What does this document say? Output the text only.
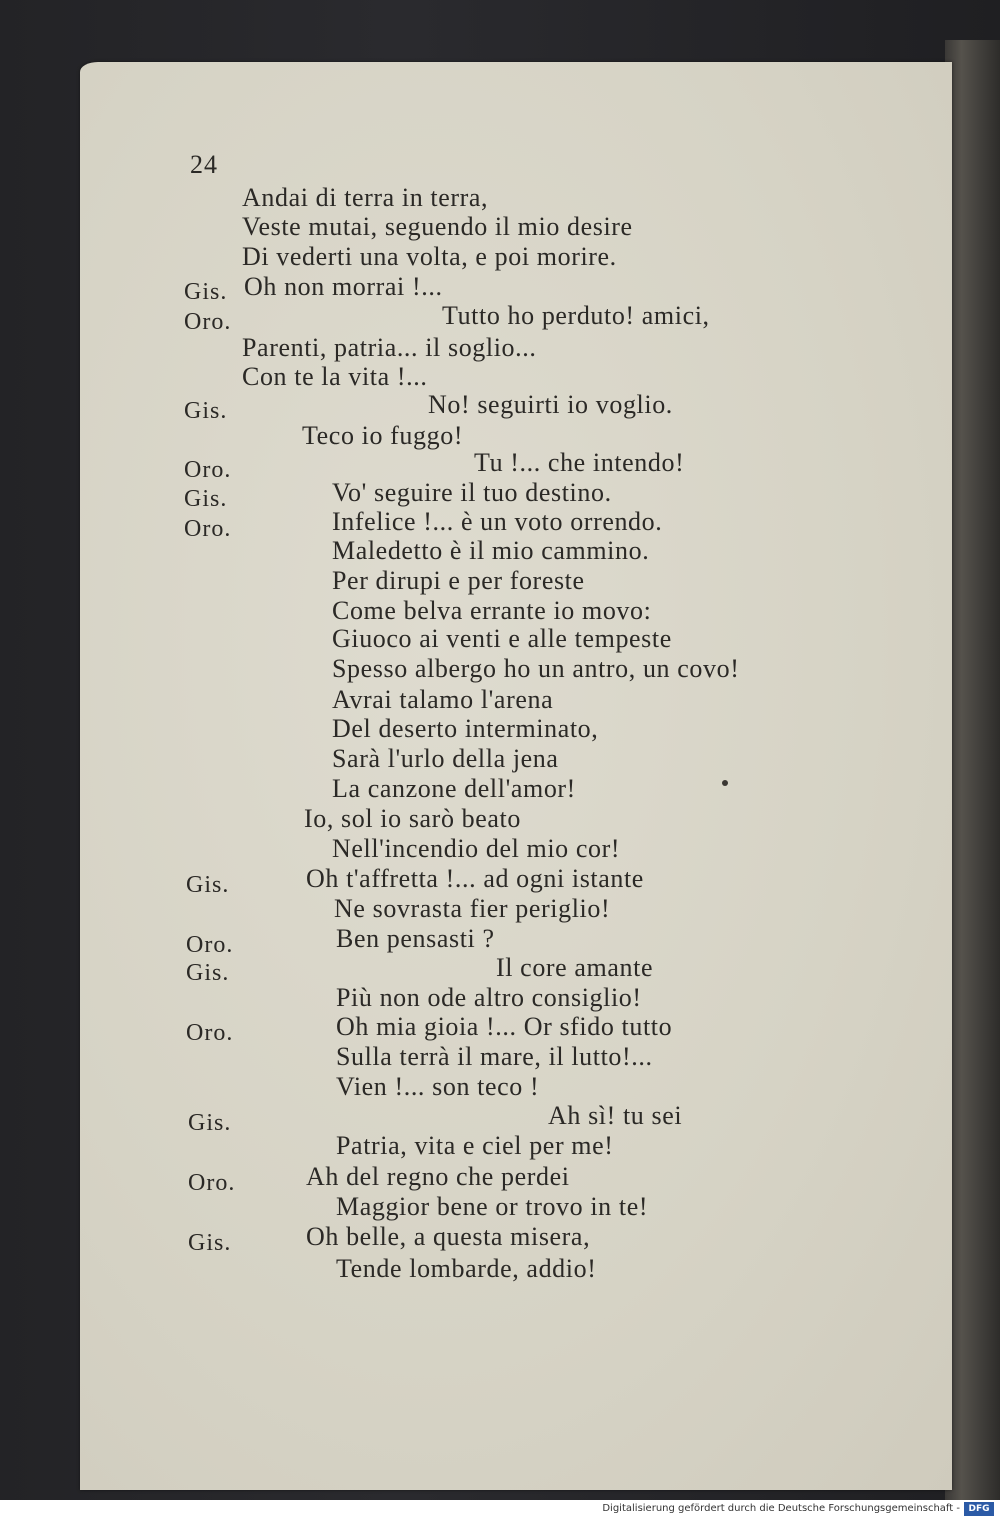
24
Gis.
Oro.
Gis.
Oro.
Gis.
Oro.
Gis.
Oro.
Gis.
Oro.
Gis.
Oro.
Gis.
Andai di terra in terra,
Veste mutai, seguendo il mio desire
Di vederti una volta, e poi morire.
Oh non morrai !...
Tutto ho perduto! amici,
Parenti, patria... il soglio...
Con te la vita !...
No! seguirti io voglio.
Teco io fuggo!
Tu !... che intendo!
Vo' seguire il tuo destino.
Infelice !... è un voto orrendo.
Maledetto è il mio cammino.
Per dirupi e per foreste
Come belva errante io movo:
Giuoco ai venti e alle tempeste
Spesso albergo ho un antro, un covo!
Avrai talamo l'arena
Del deserto interminato,
Sarà l'urlo della jena
La canzone dell'amor!
Io, sol io sarò beato
Nell'incendio del mio cor!
Oh t'affretta !... ad ogni istante
Ne sovrasta fier periglio!
Ben pensasti ?
Il core amante
Più non ode altro consiglio!
Oh mia gioia !... Or sfido tutto
Sulla terrà il mare, il lutto!...
Vien !... son teco !
Ah sì! tu sei
Patria, vita e ciel per me!
Ah del regno che perdei
Maggior bene or trovo in te!
Oh belle, a questa misera,
Tende lombarde, addio!
Digitalisierung gefördert durch die Deutsche Forschungsgemeinschaft - DFG
